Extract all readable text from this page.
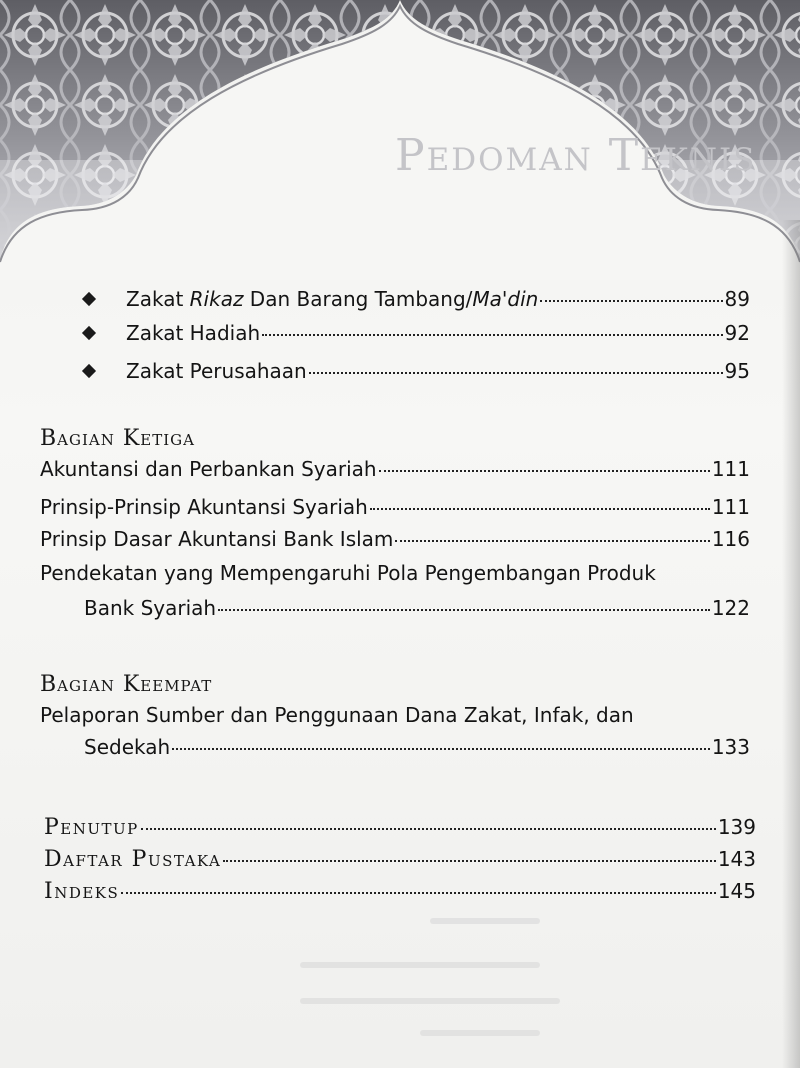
Pedoman Teknis
Zakat Rikaz Dan Barang Tambang/Ma'din	89
Zakat Hadiah	92
Zakat Perusahaan	95
Bagian Ketiga
Akuntansi dan Perbankan Syariah	111
Prinsip-Prinsip Akuntansi Syariah	111
Prinsip Dasar Akuntansi Bank Islam	116
Pendekatan yang Mempengaruhi Pola Pengembangan Produk
Bank Syariah	122
Bagian Keempat
Pelaporan Sumber dan Penggunaan Dana Zakat, Infak, dan
Sedekah	133
Penutup	139
Daftar Pustaka	143
Indeks	145
